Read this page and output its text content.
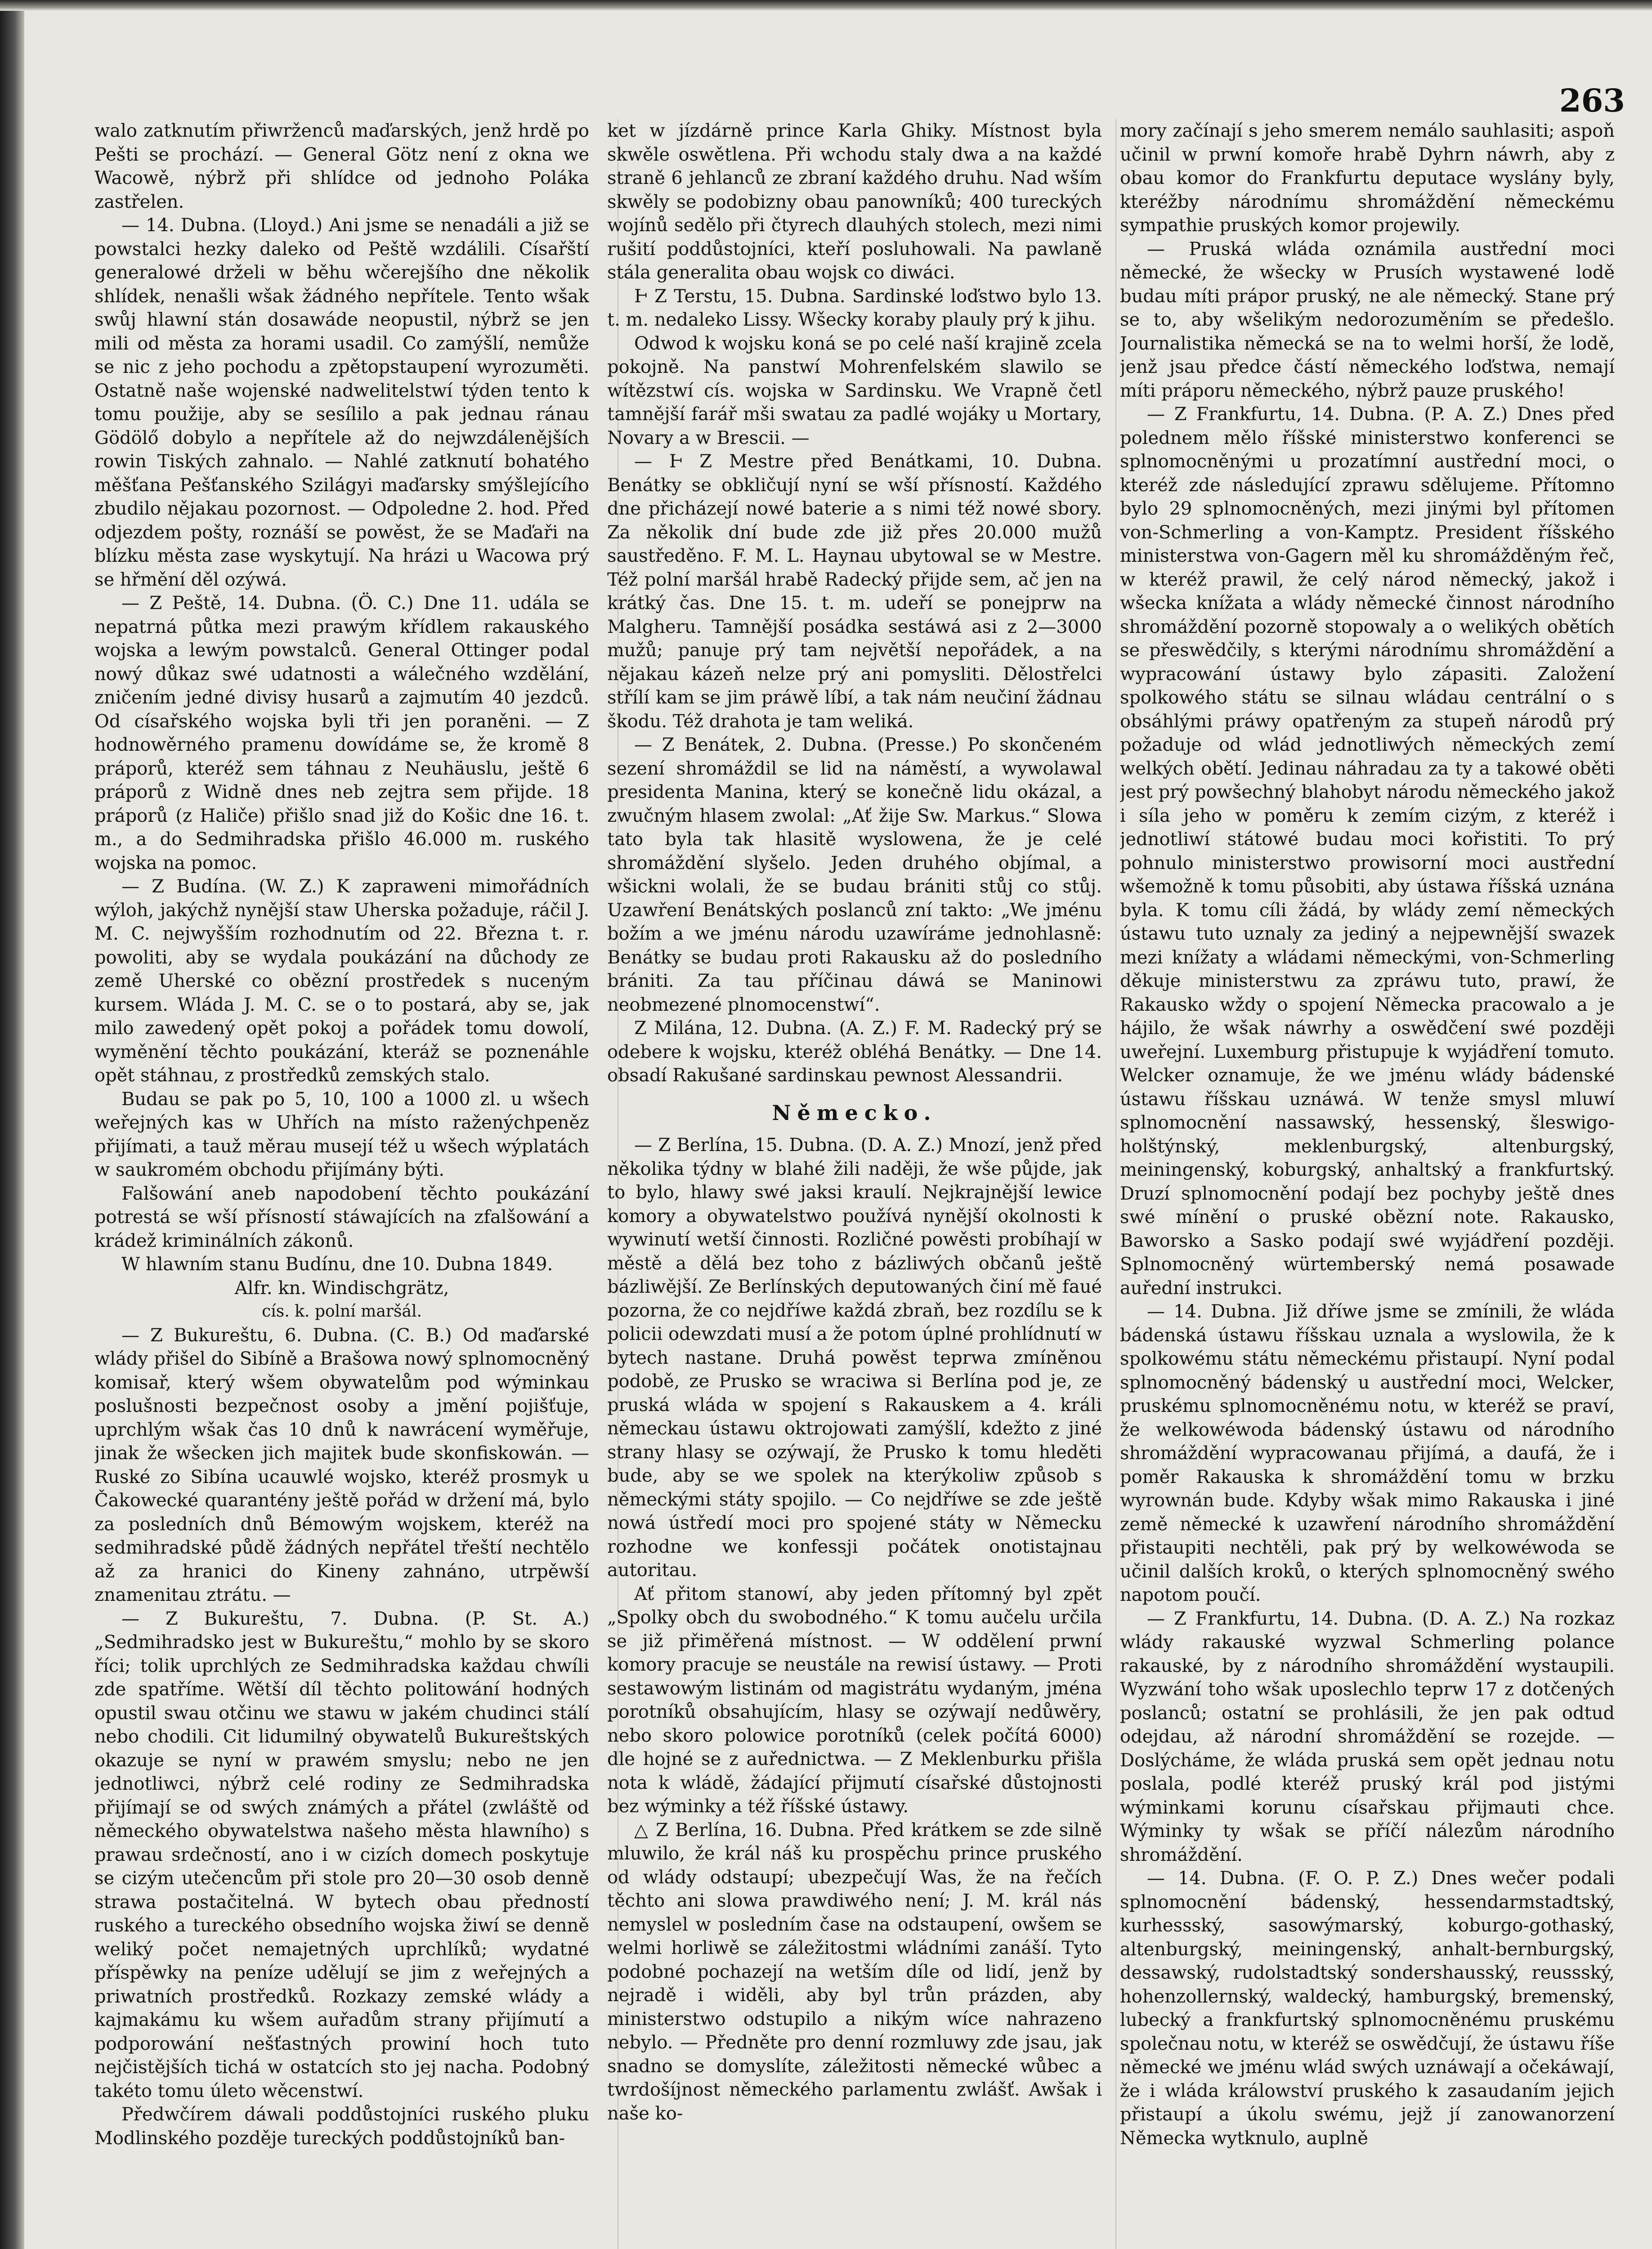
263

walo zatknutím přiwrženců maďarských, jenž hrdě po Pešti se prochází. — General Götz není z okna we Wacowě, nýbrž při shlídce od jednoho Poláka zastřelen.

— 14. Dubna. (Lloyd.) Ani jsme se nenadáli a již se powstalci hezky daleko od Peště wzdálili. Císařští generalowé drželi w běhu wčerejšího dne několik shlídek, nenašli wšak žádného nepřítele. Tento wšak swůj hlawní stán dosawáde neopustil, nýbrž se jen mili od města za horami usadil. Co zamýšlí, nemůže se nic z jeho pochodu a zpětopstaupení wyrozuměti. Ostatně naše wojenské nadwelitelstwí týden tento k tomu použije, aby se sesílilo a pak jednau ránau Gödölő dobylo a nepřítele až do nejwzdálenějších rowin Tiských zahnalo. — Nahlé zatknutí bohatého měšťana Pešťanského Szilágyi maďarsky smýšlejícího zbudilo nějakau pozornost. — Odpoledne 2. hod. Před odjezdem pošty, roznáší se powěst, že se Maďaři na blízku města zase wyskytují. Na hrázi u Wacowa prý se hřmění děl ozýwá.

— Z Peště, 14. Dubna. (Ö. C.) Dne 11. udála se nepatrná půtka mezi prawým křídlem rakauského wojska a lewým powstalců. General Ottinger podal nowý důkaz swé udatnosti a wálečného wzdělání, zničením jedné divisy husarů a zajmutím 40 jezdců. Od císařského wojska byli tři jen poraněni. — Z hodnowěrného pramenu dowídáme se, že kromě 8 práporů, kteréž sem táhnau z Neuhäuslu, ještě 6 práporů z Widně dnes neb zejtra sem přijde. 18 práporů (z Haliče) přišlo snad již do Košic dne 16. t. m., a do Sedmihradska přišlo 46.000 m. ruského wojska na pomoc.

— Z Budína. (W. Z.) K zapraweni mimořádních wýloh, jakýchž nynější staw Uherska požaduje, ráčil J. M. C. nejwyšším rozhodnutím od 22. Března t. r. powoliti, aby se wydala poukázání na důchody ze země Uherské co obězní prostředek s nuceným kursem. Wláda J. M. C. se o to postará, aby se, jak milo zawedený opět pokoj a pořádek tomu dowolí, wyměnění těchto poukázání, kteráž se poznenáhle opět stáhnau, z prostředků zemských stalo.

Budau se pak po 5, 10, 100 a 1000 zl. u wšech weřejných kas w Uhřích na místo raženýchpeněz přijímati, a tauž měrau musejí též u wšech wýplatách w saukromém obchodu přijímány býti.

Falšowání aneb napodobení těchto poukázání potrestá se wší přísností stáwajících na zfalšowání a krádež kriminálních zákonů.

W hlawním stanu Budínu, dne 10. Dubna 1849.

Alfr. kn. Windischgrätz,

cís. k. polní maršál.

— Z Bukureštu, 6. Dubna. (C. B.) Od maďarské wlády přišel do Sibíně a Brašowa nowý splnomocněný komisař, který wšem obywatelům pod wýminkau poslušnosti bezpečnost osoby a jmění pojišťuje, uprchlým wšak čas 10 dnů k nawrácení wyměřuje, jinak že wšecken jich majitek bude skonfiskowán. — Ruské zo Sibína ucauwlé wojsko, kteréž prosmyk u Čakowecké quarantény ještě pořád w držení má, bylo za posledních dnů Bémowým wojskem, kteréž na sedmihradské půdě žádných nepřátel třeští nechtělo až za hranici do Kineny zahnáno, utrpěwší znamenitau ztrátu. —

— Z Bukureštu, 7. Dubna. (P. St. A.) „Sedmihradsko jest w Bukureštu,“ mohlo by se skoro říci; tolik uprchlých ze Sedmihradska každau chwíli zde spatříme. Wětší díl těchto politowání hodných opustil swau otčinu we stawu w jakém chudinci stálí nebo chodili. Cit lidumilný obywatelů Bukureštských okazuje se nyní w prawém smyslu; nebo ne jen jednotliwci, nýbrž celé rodiny ze Sedmihradska přijímají se od swých známých a přátel (zwláště od německého obywatelstwa našeho města hlawního) s prawau srdečností, ano i w cizích domech poskytuje se cizým utečencům při stole pro 20—30 osob denně strawa postačitelná. W bytech obau předností ruského a tureckého obsedního wojska žiwí se denně weliký počet nemajetných uprchlíků; wydatné příspěwky na peníze udělují se jim z weřejných a priwatních prostředků. Rozkazy zemské wlády a kajmakámu ku wšem auřadům strany přijímutí a podporowání nešťastných prowiní hoch tuto nejčistějších tichá w ostatcích sto jej nacha. Podobný takéto tomu úleto wěcenstwí.

Předwčírem dáwali poddůstojníci ruského pluku Modlinského pozděje tureckých poddůstojníků ban-

ket w jízdárně prince Karla Ghiky. Místnost byla skwěle oswětlena. Při wchodu staly dwa a na každé straně 6 jehlanců ze zbraní každého druhu. Nad wším skwěly se podobizny obau panowníků; 400 tureckých wojínů sedělo při čtyrech dlauhých stolech, mezi nimi rušití poddůstojníci, kteří posluhowali. Na pawlaně stála generalita obau wojsk co diwáci.

Ⱶ Z Terstu, 15. Dubna. Sardinské loďstwo bylo 13. t. m. nedaleko Lissy. Wšecky koraby plauly prý k jihu.

Odwod k wojsku koná se po celé naší krajině zcela pokojně. Na panstwí Mohrenfelském slawilo se wítězstwí cís. wojska w Sardinsku. We Vrapně četl tamnější farář mši swatau za padlé wojáky u Mortary, Novary a w Brescii. —

— Ⱶ Z Mestre před Benátkami, 10. Dubna. Benátky se obkličují nyní se wší přísností. Každého dne přicházejí nowé baterie a s nimi též nowé sbory. Za několik dní bude zde již přes 20.000 mužů saustředěno. F. M. L. Haynau ubytowal se w Mestre. Též polní maršál hrabě Radecký přijde sem, ač jen na krátký čas. Dne 15. t. m. udeří se ponejprw na Malgheru. Tamnější posádka sestáwá asi z 2—3000 mužů; panuje prý tam největší nepořádek, a na nějakau kázeň nelze prý ani pomysliti. Dělostřelci střílí kam se jim práwě líbí, a tak nám neučiní žádnau škodu. Též drahota je tam weliká.

— Z Benátek, 2. Dubna. (Presse.) Po skončeném sezení shromáždil se lid na náměstí, a wywolawal presidenta Manina, který se konečně lidu okázal, a zwučným hlasem zwolal: „Ať žije Sw. Markus.“ Slowa tato byla tak hlasitě wyslowena, že je celé shromáždění slyšelo. Jeden druhého objímal, a wšickni wolali, že se budau brániti stůj co stůj. Uzawření Benátských poslanců zní takto: „We jménu božím a we jménu národu uzawíráme jednohlasně: Benátky se budau proti Rakausku až do posledního brániti. Za tau příčinau dáwá se Maninowi neobmezené plnomocenstwí“.

Z Milána, 12. Dubna. (A. Z.) F. M. Radecký prý se odebere k wojsku, kteréž obléhá Benátky. — Dne 14. obsadí Rakušané sardinskau pewnost Alessandrii.

Německo.

— Z Berlína, 15. Dubna. (D. A. Z.) Mnozí, jenž před několika týdny w blahé žili naději, že wše půjde, jak to bylo, hlawy swé jaksi kraulí. Nejkrajnější lewice komory a obywatelstwo používá nynější okolnosti k wywinutí wetší činnosti. Rozličné powěsti probíhají w městě a dělá bez toho z bázliwých občanů ještě bázliwější. Ze Berlínských deputowaných činí mě faué pozorna, že co nejdříwe každá zbraň, bez rozdílu se k policii odewzdati musí a že potom úplné prohlídnutí w bytech nastane. Druhá powěst teprwa zmíněnou podobě, ze Prusko se wraciwa si Berlína pod je, ze pruská wláda w spojení s Rakauskem a 4. králi německau ústawu oktrojowati zamýšlí, kdežto z jiné strany hlasy se ozýwají, že Prusko k tomu hleděti bude, aby se we spolek na kterýkoliw způsob s německými státy spojilo. — Co nejdříwe se zde ještě nowá ústředí moci pro spojené státy w Německu rozhodne we konfessji počátek onotistajnau autoritau.

Ať přitom stanowí, aby jeden přítomný byl zpět „Spolky obch du swobodného.“ K tomu aučelu určila se již přiměřená místnost. — W oddělení prwní komory pracuje se neustále na rewisí ústawy. — Proti sestawowým listinám od magistrátu wydaným, jména porotníků obsahujícím, hlasy se ozýwají nedůwěry, nebo skoro polowice porotníků (celek počítá 6000) dle hojné se z auřednictwa. — Z Meklenburku přišla nota k wládě, žádající přijmutí císařské důstojnosti bez wýminky a též říšské ústawy.

△ Z Berlína, 16. Dubna. Před krátkem se zde silně mluwilo, že král náš ku prospěchu prince pruského od wlády odstaupí; ubezpečují Was, že na řečích těchto ani slowa prawdiwého není; J. M. král nás nemyslel w posledním čase na odstaupení, owšem se welmi horliwě se záležitostmi wládními zanáší. Tyto podobné pochazejí na wetším díle od lidí, jenž by nejradě i widěli, aby byl trůn prázden, aby ministerstwo odstupilo a nikým wíce nahrazeno nebylo. — Předněte pro denní rozmluwy zde jsau, jak snadno se domyslíte, záležitosti německé wůbec a twrdošíjnost německého parlamentu zwlášť. Awšak i naše ko-

mory začínají s jeho smerem nemálo sauhlasiti; aspoň učinil w prwní komoře hrabě Dyhrn náwrh, aby z obau komor do Frankfurtu deputace wyslány byly, kteréžby národnímu shromáždění německému sympathie pruských komor projewily.

— Pruská wláda oznámila austřední moci německé, že wšecky w Prusích wystawené lodě budau míti prápor pruský, ne ale německý. Stane prý se to, aby wšelikým nedorozuměním se předešlo. Journalistika německá se na to welmi horší, že lodě, jenž jsau předce částí německého loďstwa, nemají míti práporu německého, nýbrž pauze pruského!

— Z Frankfurtu, 14. Dubna. (P. A. Z.) Dnes před polednem mělo říšské ministerstwo konferenci se splnomocněnými u prozatímní austřední moci, o kteréž zde následující zprawu sdělujeme. Přítomno bylo 29 splnomocněných, mezi jinými byl přítomen von-Schmerling a von-Kamptz. President říšského ministerstwa von-Gagern měl ku shromážděným řeč, w kteréž prawil, že celý národ německý, jakož i wšecka knížata a wlády německé činnost národního shromáždění pozorně stopowaly a o welikých obětích se přeswědčily, s kterými národnímu shromáždění a wypracowání ústawy bylo zápasiti. Založení spolkowého státu se silnau wládau centrální o s obsáhlými práwy opatřeným za stupeň národů prý požaduje od wlád jednotliwých německých zemí welkých obětí. Jedinau náhradau za ty a takowé oběti jest prý powšechný blahobyt národu německého jakož i síla jeho w poměru k zemím cizým, z kteréž i jednotliwí státowé budau moci kořistiti. To prý pohnulo ministerstwo prowisorní moci austřední wšemožně k tomu působiti, aby ústawa říšská uznána byla. K tomu cíli žádá, by wlády zemí německých ústawu tuto uznaly za jediný a nejpewnější swazek mezi knížaty a wládami německými, von-Schmerling děkuje ministerstwu za zpráwu tuto, prawí, že Rakausko wždy o spojení Německa pracowalo a je hájilo, že wšak náwrhy a oswědčení swé později uweřejní. Luxemburg přistupuje k wyjádření tomuto. Welcker oznamuje, že we jménu wlády bádenské ústawu říšskau uznáwá. W tenže smysl mluwí splnomocnění nassawský, hessenský, šleswigo-holštýnský, meklenburgský, altenburgský, meiningenský, koburgský, anhaltský a frankfurtský. Druzí splnomocnění podají bez pochyby ještě dnes swé mínění o pruské obězní note. Rakausko, Baworsko a Sasko podají swé wyjádření později. Splnomocněný würtemberský nemá posawade auřední instrukci.

— 14. Dubna. Již dříwe jsme se zmínili, že wláda bádenská ústawu říšskau uznala a wyslowila, že k spolkowému státu německému přistaupí. Nyní podal splnomocněný bádenský u austřední moci, Welcker, pruskému splnomocněnému notu, w kteréž se praví, že welkowéwoda bádenský ústawu od národního shromáždění wypracowanau přijímá, a daufá, že i poměr Rakauska k shromáždění tomu w brzku wyrownán bude. Kdyby wšak mimo Rakauska i jiné země německé k uzawření národního shromáždění přistaupiti nechtěli, pak prý by welkowéwoda se učinil dalších kroků, o kterých splnomocněný swého napotom poučí.

— Z Frankfurtu, 14. Dubna. (D. A. Z.) Na rozkaz wlády rakauské wyzwal Schmerling polance rakauské, by z národního shromáždění wystaupili. Wyzwání toho wšak uposlechlo teprw 17 z dotčených poslanců; ostatní se prohlásili, že jen pak odtud odejdau, až národní shromáždění se rozejde. — Doslýcháme, že wláda pruská sem opět jednau notu poslala, podlé kteréž pruský král pod jistými wýminkami korunu císařskau přijmauti chce. Wýminky ty wšak se příčí nálezům národního shromáždění.

— 14. Dubna. (F. O. P. Z.) Dnes wečer podali splnomocnění bádenský, hessendarmstadtský, kurhessský, sasowýmarský, koburgo-gothaský, altenburgský, meiningenský, anhalt-bernburgský, dessawský, rudolstadtský sondershausský, reussský, hohenzollernský, waldecký, hamburgský, bremenský, lubecký a frankfurtský splnomocněnému pruskému společnau notu, w kteréž se oswědčují, že ústawu říše německé we jménu wlád swých uznáwají a očekáwají, že i wláda králowství pruského k zasaudaním jejich přistaupí a úkolu swému, jejž jí zanowanorzení Německa wytknulo, auplně
